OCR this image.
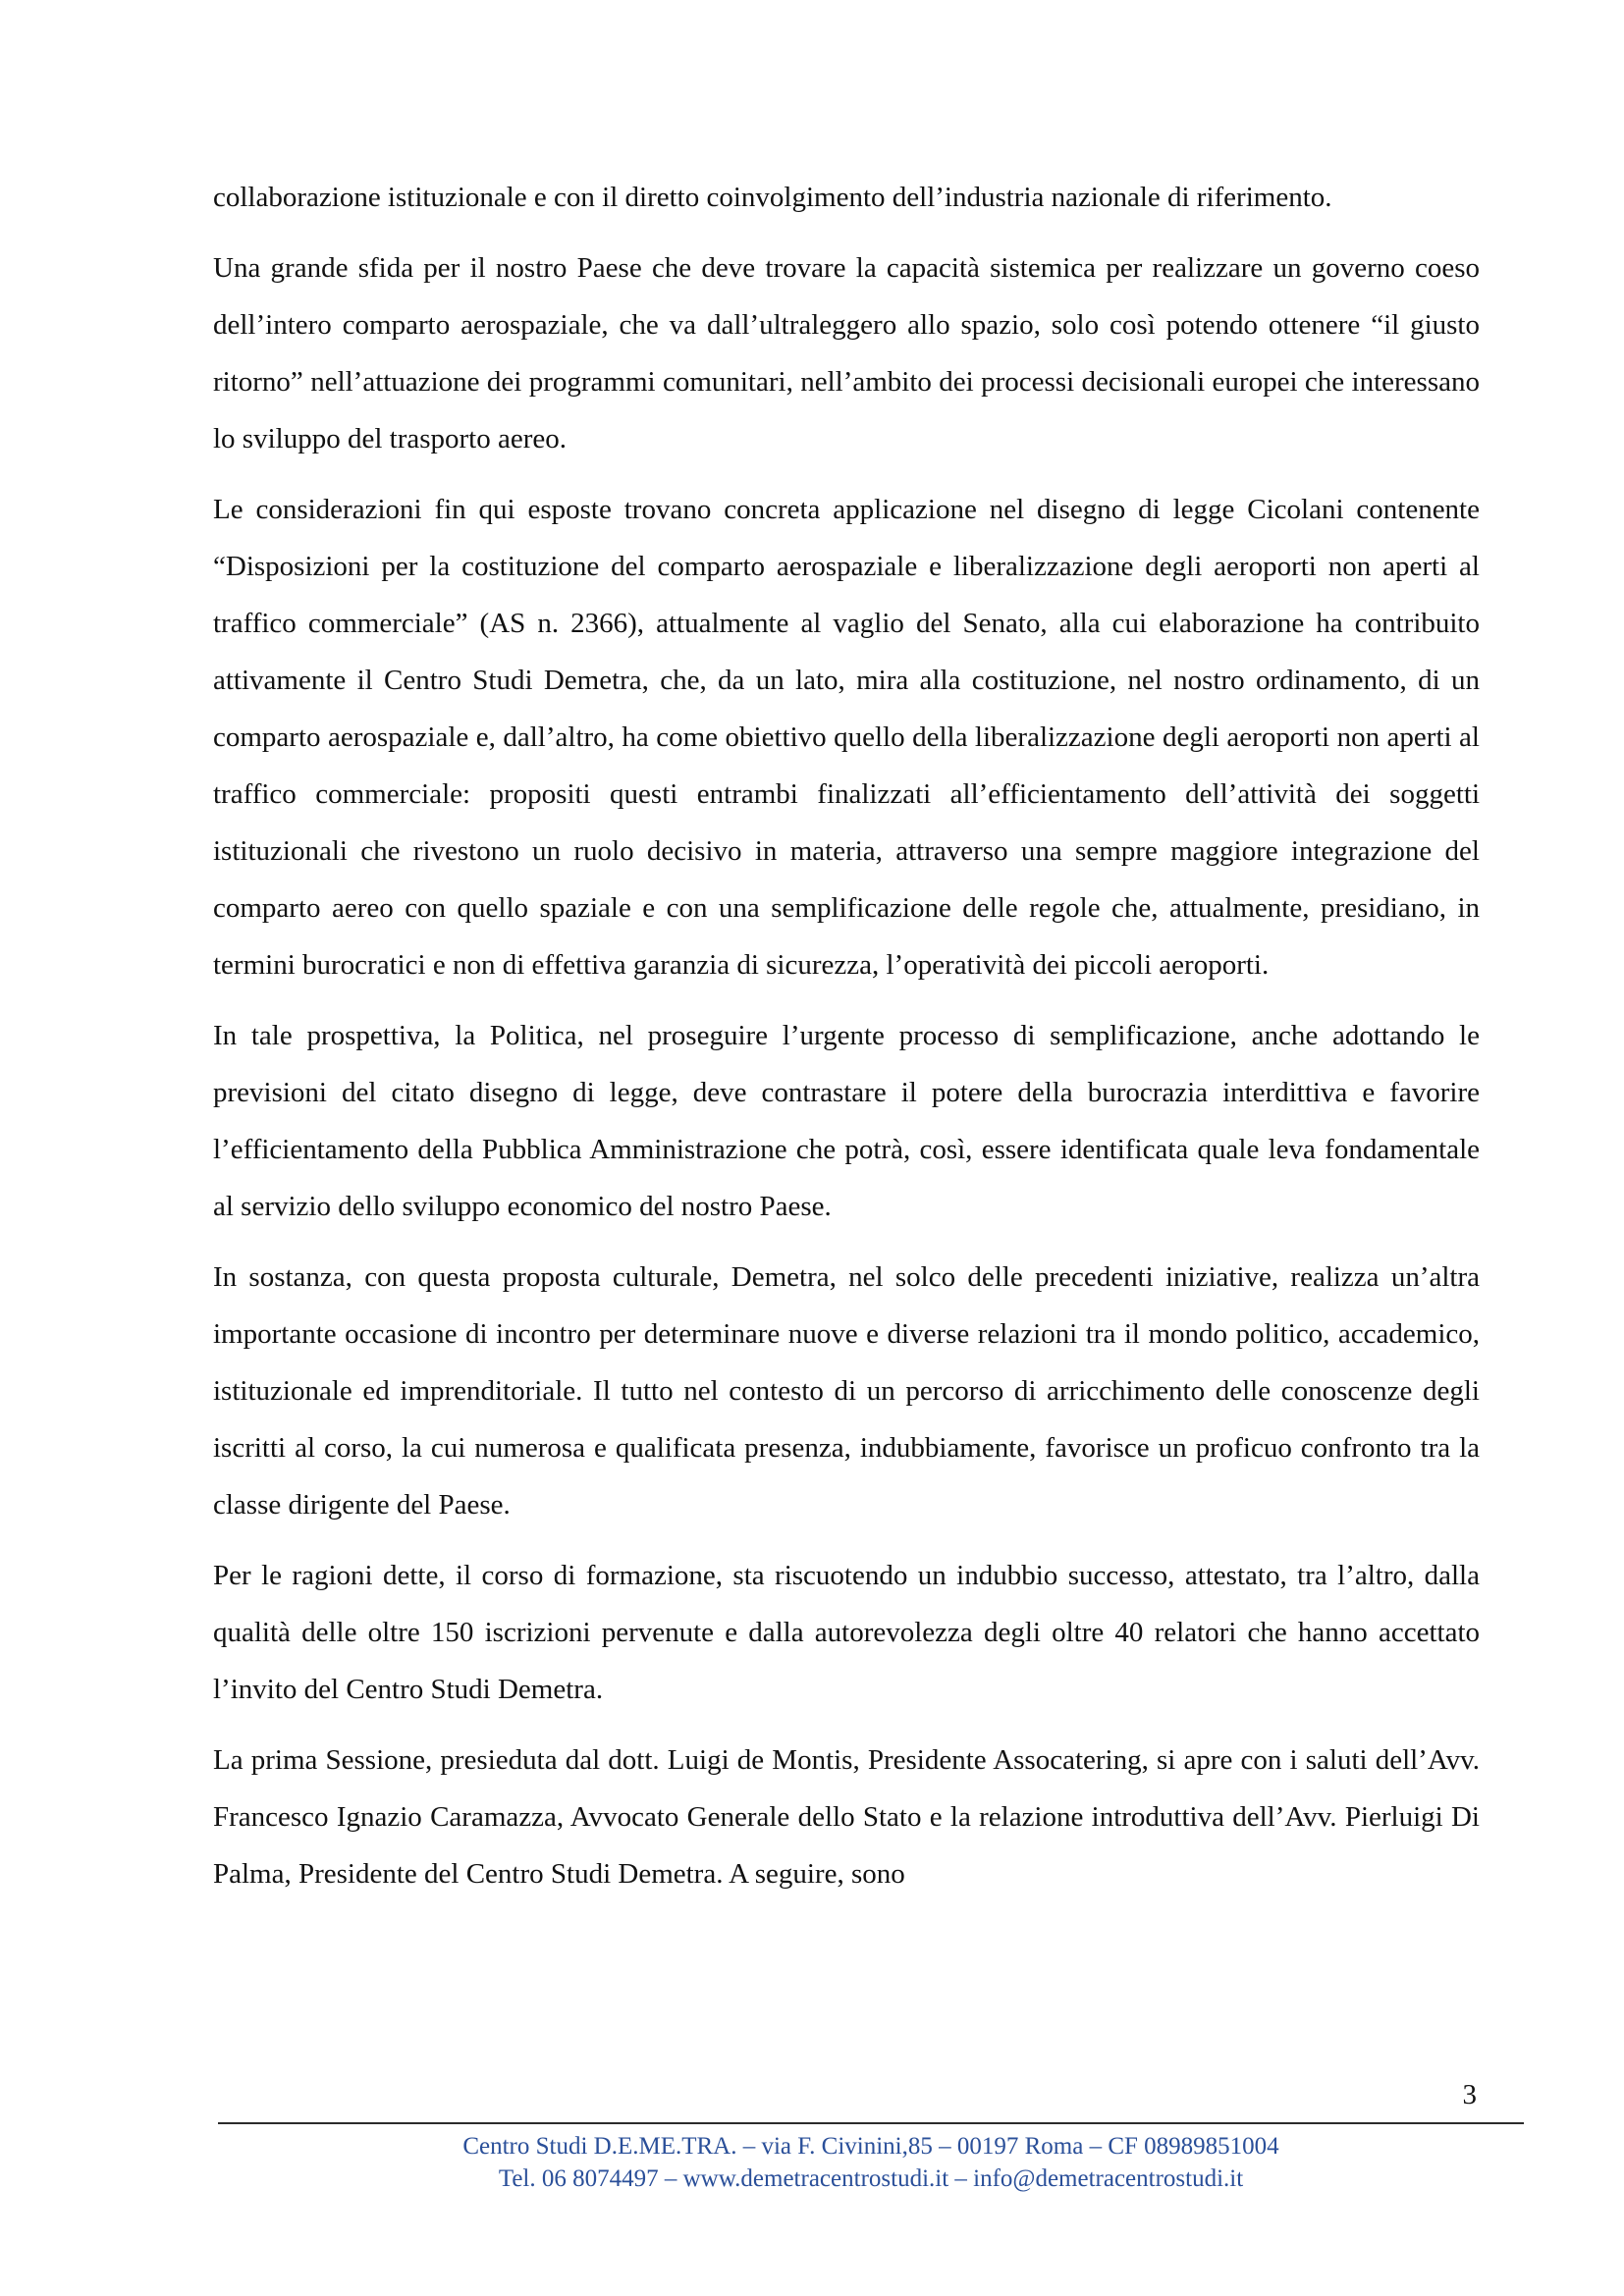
collaborazione istituzionale e con il diretto coinvolgimento dell’industria nazionale di riferimento.

Una grande sfida per il nostro Paese che deve trovare la capacità sistemica per realizzare un governo coeso dell’intero comparto aerospaziale, che va dall’ultraleggero allo spazio, solo così potendo ottenere “il giusto ritorno” nell’attuazione dei programmi comunitari, nell’ambito dei processi decisionali europei che interessano lo sviluppo del trasporto aereo.

Le considerazioni fin qui esposte trovano concreta applicazione nel disegno di legge Cicolani contenente “Disposizioni per la costituzione del comparto aerospaziale e liberalizzazione degli aeroporti non aperti al traffico commerciale” (AS n. 2366), attualmente al vaglio del Senato, alla cui elaborazione ha contribuito attivamente il Centro Studi Demetra, che, da un lato, mira alla costituzione, nel nostro ordinamento, di un comparto aerospaziale e, dall’altro, ha come obiettivo quello della liberalizzazione degli aeroporti non aperti al traffico commerciale: propositi questi entrambi finalizzati all’efficientamento dell’attività dei soggetti istituzionali che rivestono un ruolo decisivo in materia, attraverso una sempre maggiore integrazione del comparto aereo con quello spaziale e con una semplificazione delle regole che, attualmente, presidiano, in termini burocratici e non di effettiva garanzia di sicurezza, l’operatività dei piccoli aeroporti.

In tale prospettiva, la Politica, nel proseguire l’urgente processo di semplificazione, anche adottando le previsioni del citato disegno di legge, deve contrastare il potere della burocrazia interdittiva e favorire l’efficientamento della Pubblica Amministrazione che potrà, così, essere identificata quale leva fondamentale al servizio dello sviluppo economico del nostro Paese.

In sostanza, con questa proposta culturale, Demetra, nel solco delle precedenti iniziative, realizza un’altra importante occasione di incontro per determinare nuove e diverse relazioni tra il mondo politico, accademico, istituzionale ed imprenditoriale. Il tutto nel contesto di un percorso di arricchimento delle conoscenze degli iscritti al corso, la cui numerosa e qualificata presenza, indubbiamente, favorisce un proficuo confronto tra la classe dirigente del Paese.

Per le ragioni dette, il corso di formazione, sta riscuotendo un indubbio successo, attestato, tra l’altro, dalla qualità delle oltre 150 iscrizioni pervenute e dalla autorevolezza degli oltre 40 relatori che hanno accettato l’invito del Centro Studi Demetra.

La prima Sessione, presieduta dal dott. Luigi de Montis, Presidente Assocatering, si apre con i saluti dell’Avv. Francesco Ignazio Caramazza, Avvocato Generale dello Stato e la relazione introduttiva dell’Avv. Pierluigi Di Palma, Presidente del Centro Studi Demetra. A seguire, sono

3
Centro Studi D.E.ME.TRA. – via F. Civinini,85 – 00197 Roma – CF 08989851004
Tel. 06 8074497 – www.demetracentrostudi.it – info@demetracentrostudi.it
